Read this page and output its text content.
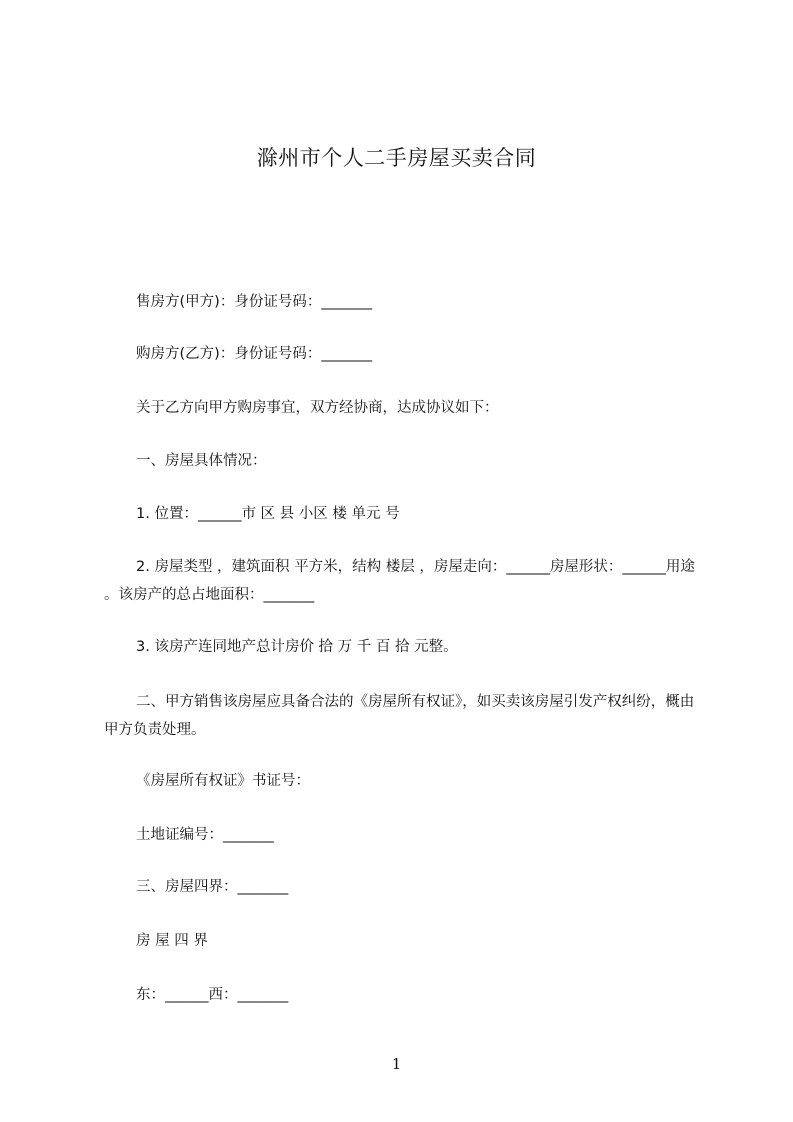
滁州市个人二手房屋买卖合同
售房方(甲方)：身份证号码：_______
购房方(乙方)：身份证号码：_______
关于乙方向甲方购房事宜，双方经协商，达成协议如下：
一、房屋具体情况：
1. 位置：______市 区 县 小区 楼 单元 号
2. 房屋类型 ，建筑面积 平方米，结构 楼层 ，房屋走向：______房屋形状：______用途 。该房产的总占地面积：_______
3. 该房产连同地产总计房价 拾 万 千 百 拾 元整。
二、甲方销售该房屋应具备合法的《房屋所有权证》，如买卖该房屋引发产权纠纷，概由甲方负责处理。
《房屋所有权证》书证号：
土地证编号：_______
三、房屋四界：_______
房 屋 四 界
东：______西：_______
1
